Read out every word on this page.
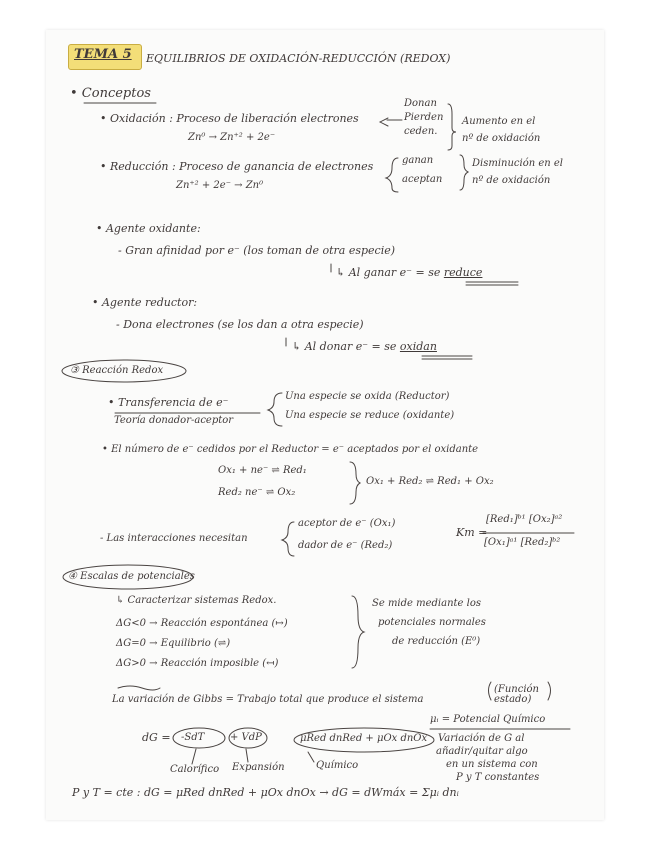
TEMA 5 EQUILIBRIOS DE OXIDACIÓN-REDUCCIÓN (REDOX)
• Conceptos
• Oxidación : Proceso de liberación electrones
Zn⁰ → Zn⁺² + 2e⁻
Donan
Pierden
ceden.
Aumento en el
nº de oxidación
• Reducción : Proceso de ganancia de electrones
Zn⁺² + 2e⁻ → Zn⁰
ganan
aceptan
Disminución en el
nº de oxidación
• Agente oxidante:
- Gran afinidad por e⁻ (los toman de otra especie)
↳ Al ganar e⁻ = se reduce
• Agente reductor:
- Dona electrones (se los dan a otra especie)
↳ Al donar e⁻ = se oxidan
③ Reacción Redox
• Transferencia de e⁻
Teoría donador-aceptor
Una especie se oxida (Reductor)
Una especie se reduce (oxidante)
• El número de e⁻ cedidos por el Reductor = e⁻ aceptados por el oxidante
Ox₁ + ne⁻ ⇌ Red₁
Red₂ ne⁻ ⇌ Ox₂
Ox₁ + Red₂ ⇌ Red₁ + Ox₂
- Las interacciones necesitan
aceptor de e⁻ (Ox₁)
dador de e⁻ (Red₂)
Kт =
[Red₁]ᵇ¹ [Ox₂]ᵃ²
[Ox₁]ᵃ¹ [Red₂]ᵇ²
④ Escalas de potenciales
↳ Caracterizar sistemas Redox.
ΔG<0 → Reacción espontánea (↦)
ΔG=0 → Equilibrio (⇌)
ΔG>0 → Reacción imposible (↤)
Se mide mediante los
potenciales normales
de reducción (E⁰)
La variación de Gibbs = Trabajo total que produce el sistema
(Función estado)
μᵢ = Potencial Químico
Variación de G al
añadir/quitar algo
en un sistema con
P y T constantes
dG = -SdT	+ VdP	μRed dnRed + μOx dnOx
Calorífico Expansión	Químico
P y T = cte : dG = μRed dnRed + μOx dnOx → dG = dWmáx = Σμᵢ dnᵢ
